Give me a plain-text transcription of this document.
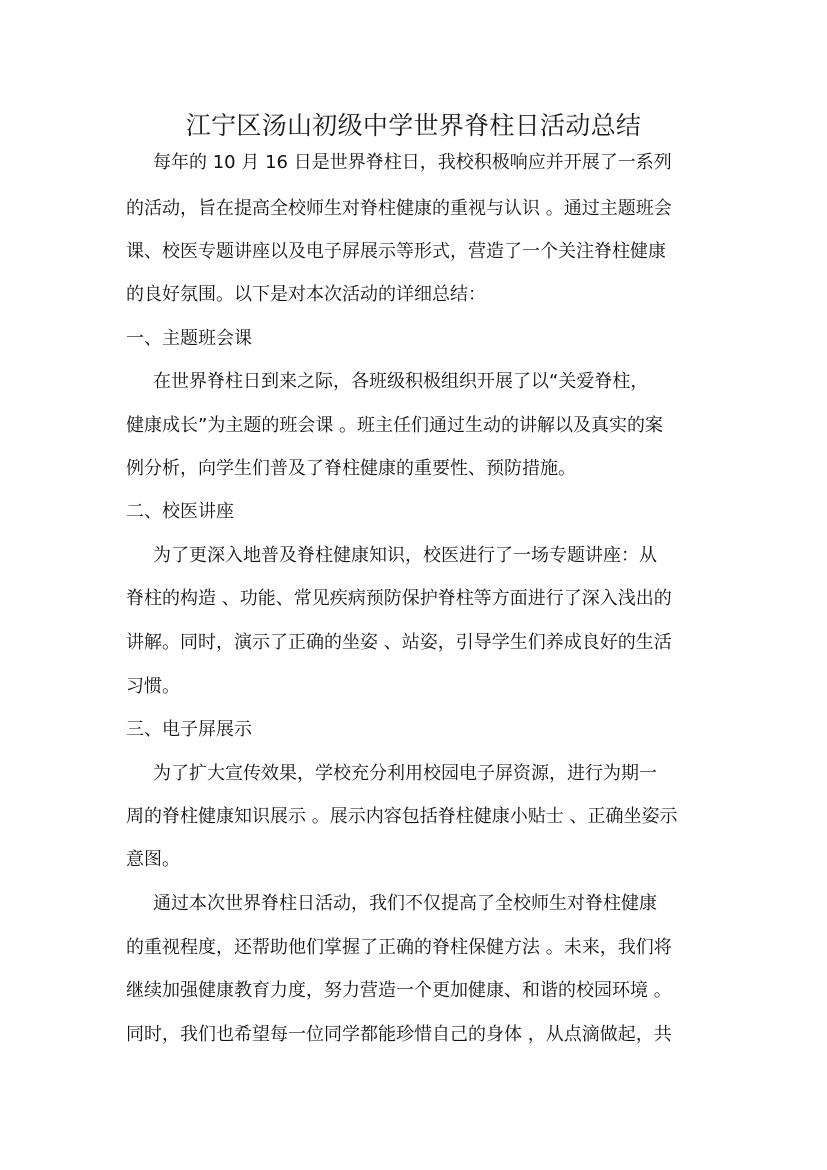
江宁区汤山初级中学世界脊柱日活动总结
每年的 10 月 16 日是世界脊柱日，我校积极响应并开展了一系列
的活动，旨在提高全校师生对脊柱健康的重视与认识 。通过主题班会
课、校医专题讲座以及电子屏展示等形式，营造了一个关注脊柱健康
的良好氛围。以下是对本次活动的详细总结：
一、主题班会课
在世界脊柱日到来之际，各班级积极组织开展了以“关爱脊柱，
健康成长”为主题的班会课 。班主任们通过生动的讲解以及真实的案
例分析，向学生们普及了脊柱健康的重要性、预防措施。
二、校医讲座
为了更深入地普及脊柱健康知识，校医进行了一场专题讲座：从
脊柱的构造 、功能、常见疾病预防保护脊柱等方面进行了深入浅出的
讲解。同时，演示了正确的坐姿 、站姿，引导学生们养成良好的生活
习惯。
三、电子屏展示
为了扩大宣传效果，学校充分利用校园电子屏资源，进行为期一
周的脊柱健康知识展示 。展示内容包括脊柱健康小贴士 、正确坐姿示
意图。
通过本次世界脊柱日活动，我们不仅提高了全校师生对脊柱健康
的重视程度，还帮助他们掌握了正确的脊柱保健方法 。未来，我们将
继续加强健康教育力度，努力营造一个更加健康、和谐的校园环境 。
同时，我们也希望每一位同学都能珍惜自己的身体 ，从点滴做起，共
